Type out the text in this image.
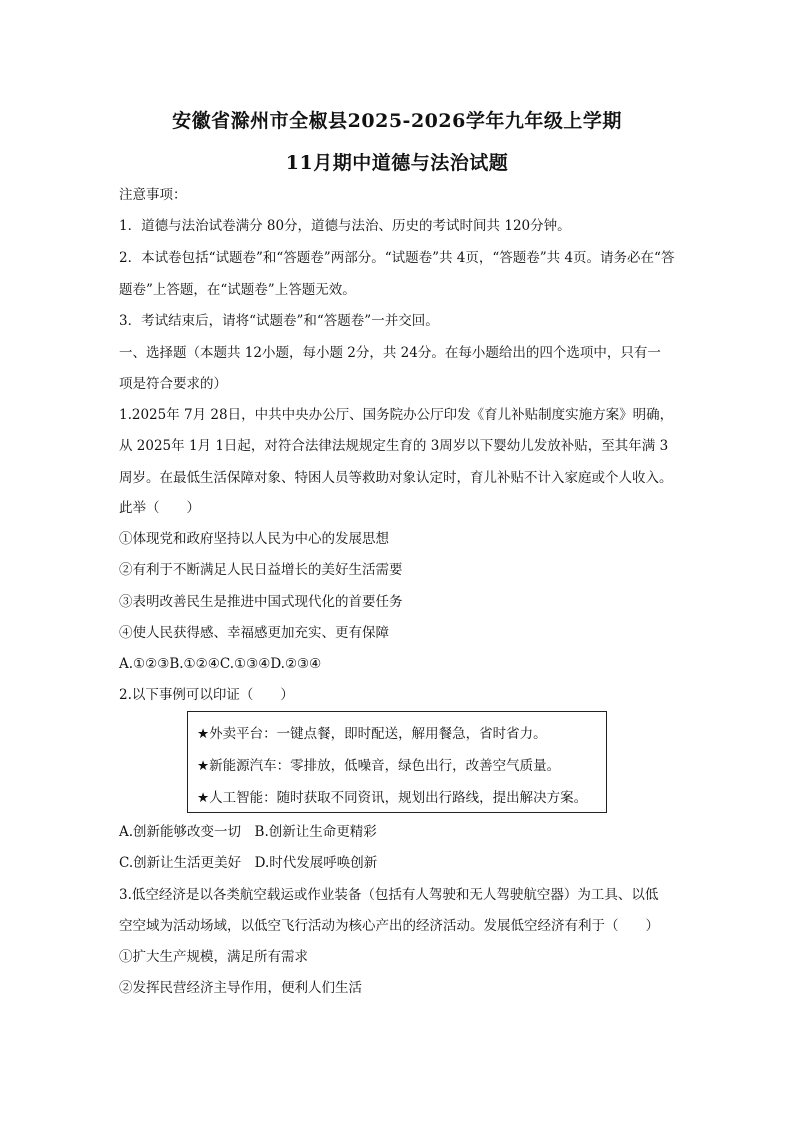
安徽省滁州市全椒县2025-2026学年九年级上学期
11月期中道德与法治试题
注意事项：
1．道德与法治试卷满分 80分，道德与法治、历史的考试时间共 120分钟。
2．本试卷包括“试题卷”和“答题卷”两部分。“试题卷”共 4页，“答题卷”共 4页。请务必在“答
题卷”上答题，在“试题卷”上答题无效。
3．考试结束后，请将“试题卷”和“答题卷”一并交回。
一、选择题（本题共 12小题，每小题 2分，共 24分。在每小题给出的四个选项中，只有一
项是符合要求的）
1.2025年 7月 28日，中共中央办公厅、国务院办公厅印发《育儿补贴制度实施方案》明确，
从 2025年 1月 1日起，对符合法律法规规定生育的 3周岁以下婴幼儿发放补贴，至其年满 3
周岁。在最低生活保障对象、特困人员等救助对象认定时，育儿补贴不计入家庭或个人收入。
此举（　　）
①体现党和政府坚持以人民为中心的发展思想
②有利于不断满足人民日益增长的美好生活需要
③表明改善民生是推进中国式现代化的首要任务
④使人民获得感、幸福感更加充实、更有保障
A.①②③B.①②④C.①③④D.②③④
2.以下事例可以印证（　　）
★外卖平台：一键点餐，即时配送，解用餐急，省时省力。
★新能源汽车：零排放，低噪音，绿色出行，改善空气质量。
★人工智能：随时获取不同资讯，规划出行路线，提出解决方案。
A.创新能够改变一切　B.创新让生命更精彩
C.创新让生活更美好　D.时代发展呼唤创新
3.低空经济是以各类航空载运或作业装备（包括有人驾驶和无人驾驶航空器）为工具、以低
空空域为活动场域，以低空飞行活动为核心产出的经济活动。发展低空经济有利于（　　）
①扩大生产规模，满足所有需求
②发挥民营经济主导作用，便利人们生活
